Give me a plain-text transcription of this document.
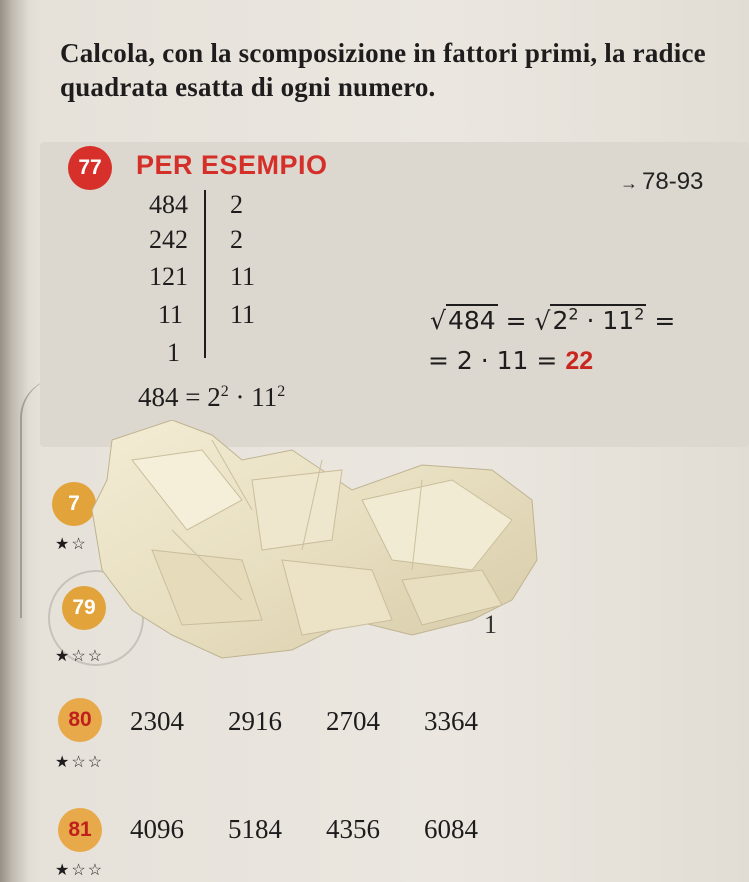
Calcola, con la scomposizione in fattori primi, la radice quadrata esatta di ogni numero.
77	PER ESEMPIO
→ 78-93
484
242
121
11
1
2
2
11
11
$484 = 2^2 \cdot 11^2$
$√484 = √2^2 \cdot 11^2$ =
= 2 · 11 = 22
7
★☆
79
★☆☆
1
80
★☆☆
2304 2916 2704 3364
81
★☆☆
4096 5184 4356 6084
